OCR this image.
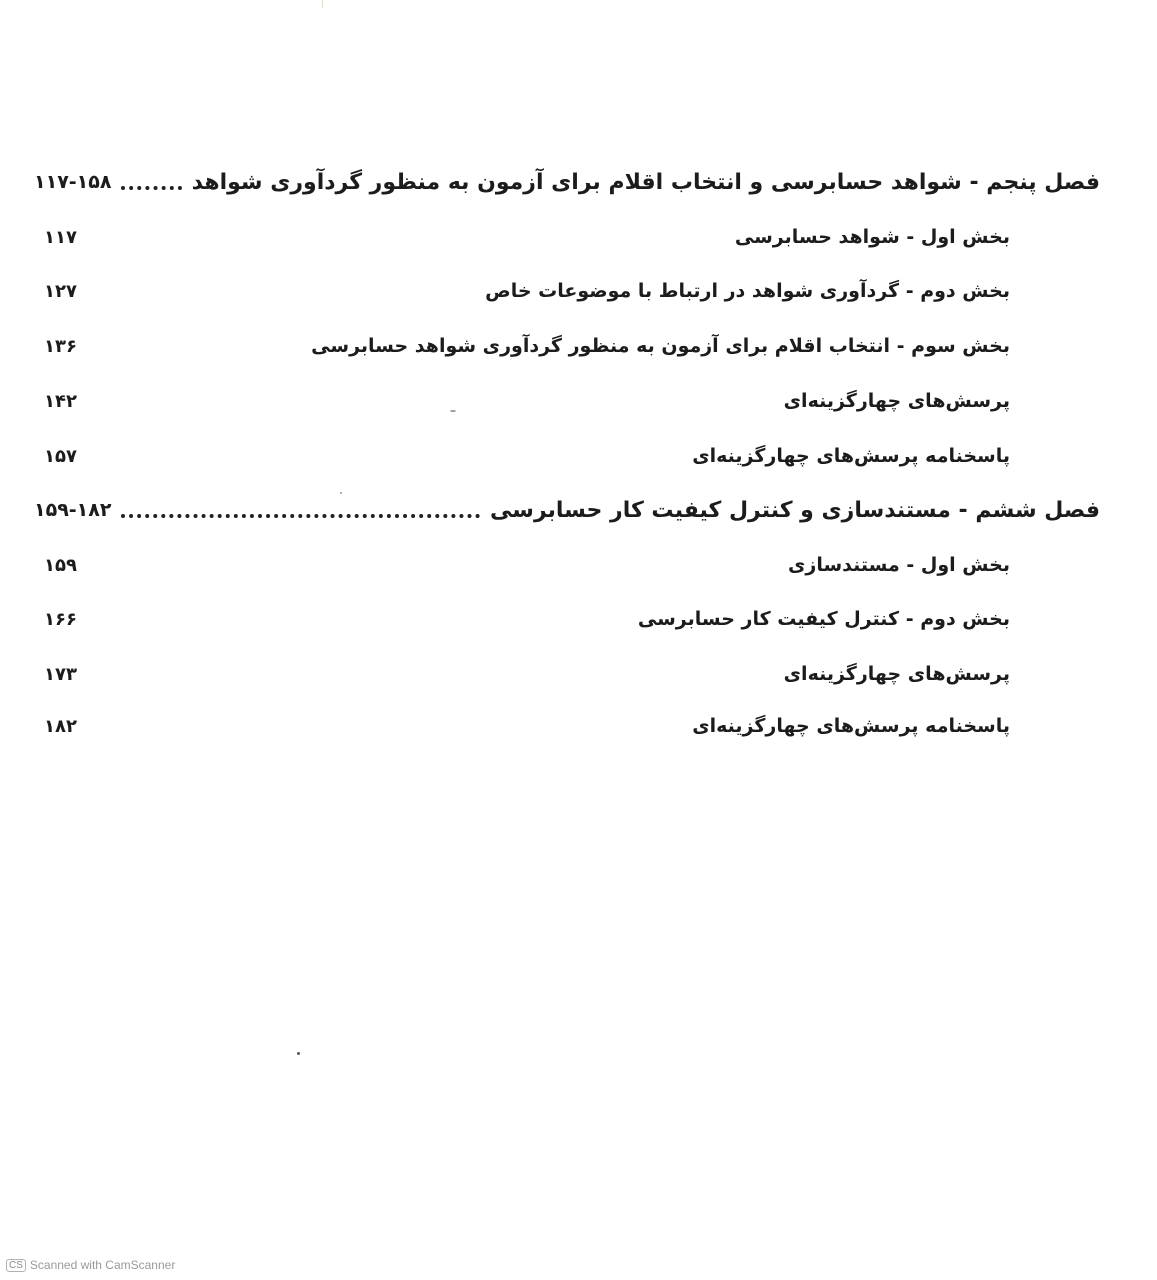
فصل پنجم - شواهد حسابرسی و انتخاب اقلام برای آزمون به منظور گردآوری شواهد
۱۱۷-۱۵۸
بخش اول - شواهد حسابرسی
۱۱۷
بخش دوم - گردآوری شواهد در ارتباط با موضوعات خاص
۱۲۷
بخش سوم - انتخاب اقلام برای آزمون به منظور گردآوری شواهد حسابرسی
۱۳۶
پرسش‌های چهارگزینه‌ای
۱۴۲
پاسخنامه پرسش‌های چهارگزینه‌ای
۱۵۷
فصل ششم - مستندسازی و کنترل کیفیت کار حسابرسی
۱۵۹-۱۸۲
بخش اول - مستندسازی
۱۵۹
بخش دوم - کنترل کیفیت کار حسابرسی
۱۶۶
پرسش‌های چهارگزینه‌ای
۱۷۳
پاسخنامه پرسش‌های چهارگزینه‌ای
۱۸۲
CS Scanned with CamScanner
